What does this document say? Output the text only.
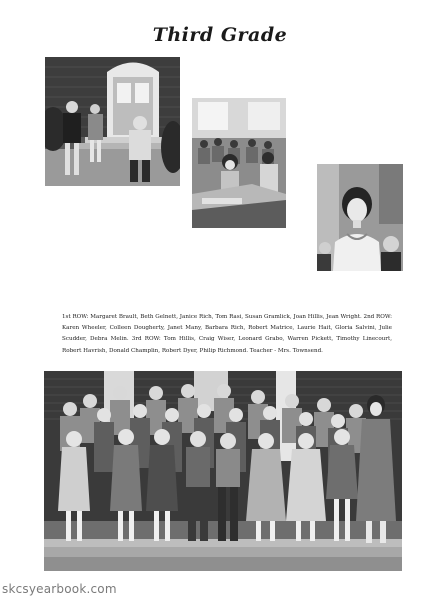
Third Grade
1st ROW: Margaret Brault, Beth Gelnett, Janice Rich, Tom Rasi, Susan Gramlick, Joan Hillis, Jean Wright. 2nd ROW: Karen Wheeler, Colleen Dougherty, Janet Many, Barbara Rich, Robert Matrice, Laurie Hait, Gloria Salvini, Julie Scudder, Debra Melin. 3rd ROW: Tom Hillis, Craig Wiser, Leonard Grabo, Warren Pickett, Timothy Linecourt, Robert Havrish, Donald Champlin, Robert Dyer, Philip Richmond. Teacher - Mrs. Townsend.
skcsyearbook.com
